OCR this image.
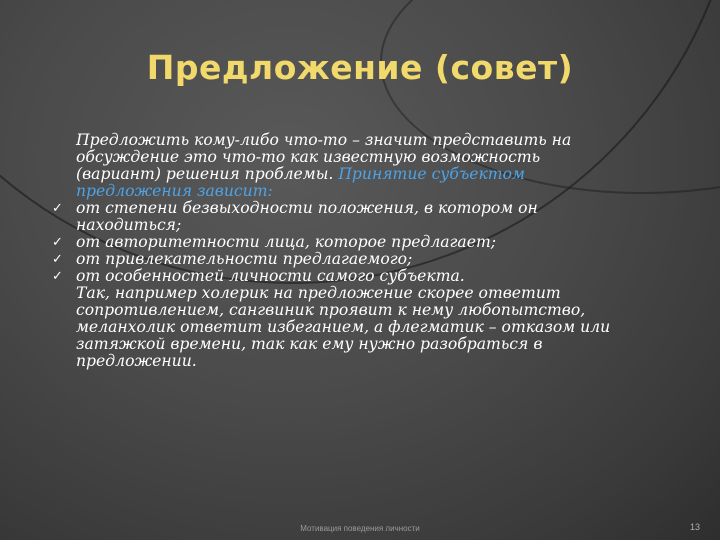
Предложение (совет)

Предложить кому-либо что-то – значит представить на обсуждение это что-то как известную возможность (вариант) решения проблемы. Принятие субъектом предложения зависит:

✓ от степени безвыходности положения, в котором он находиться;
✓ от авторитетности лица, которое предлагает;
✓ от привлекательности предлагаемого;
✓ от особенностей личности самого субъекта.

Так, например холерик на предложение скорее ответит сопротивлением, сангвиник проявит к нему любопытство, меланхолик ответит избеганием, а флегматик – отказом или затяжкой времени, так как ему нужно разобраться в предложении.

Мотивация поведения личности	13
